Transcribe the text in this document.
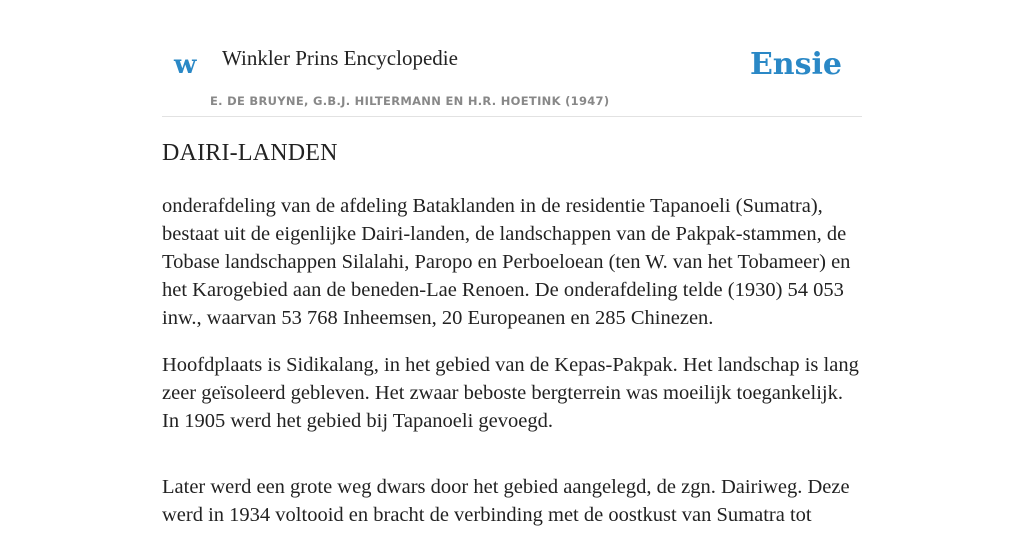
w Winkler Prins Encyclopedie
E. DE BRUYNE, G.B.J. HILTERMANN EN H.R. HOETINK (1947)
Ensie
DAIRI-LANDEN

onderafdeling van de afdeling Bataklanden in de residentie Tapanoeli (Sumatra), bestaat uit de eigenlijke Dairi-landen, de landschappen van de Pakpak-stammen, de Tobase landschappen Silalahi, Paropo en Perboeloean (ten W. van het Tobameer) en het Karogebied aan de beneden-Lae Renoen. De onderafdeling telde (1930) 54 053 inw., waarvan 53 768 Inheemsen, 20 Europeanen en 285 Chinezen.

Hoofdplaats is Sidikalang, in het gebied van de Kepas-Pakpak. Het landschap is lang zeer geïsoleerd gebleven. Het zwaar beboste bergterrein was moeilijk toegankelijk. In 1905 werd het gebied bij Tapanoeli gevoegd.

Later werd een grote weg dwars door het gebied aangelegd, de zgn. Dairiweg. Deze werd in 1934 voltooid en bracht de verbinding met de oostkust van Sumatra tot
